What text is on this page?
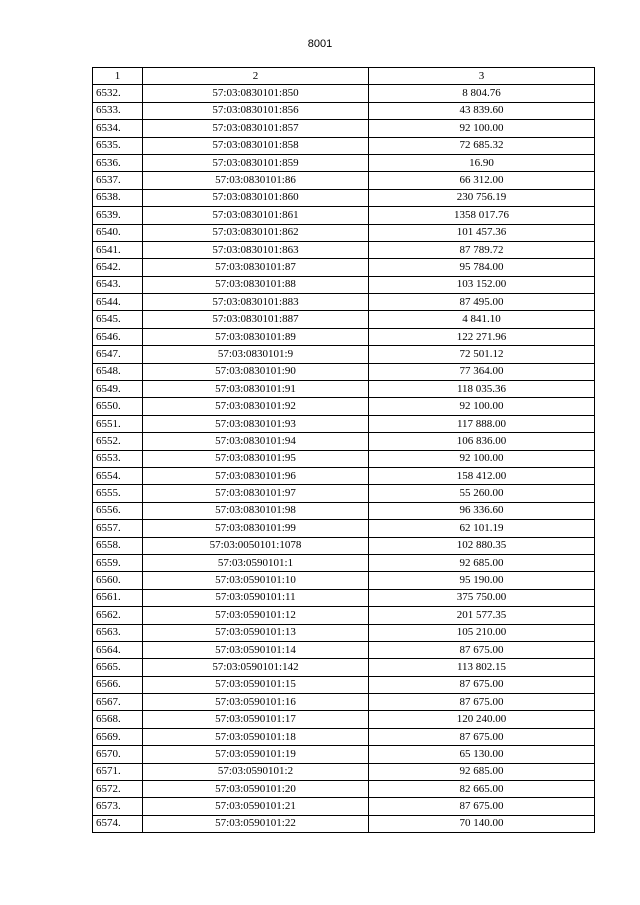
8001
1	2	3
6532.	57:03:0830101:850	8 804.76
6533.	57:03:0830101:856	43 839.60
6534.	57:03:0830101:857	92 100.00
6535.	57:03:0830101:858	72 685.32
6536.	57:03:0830101:859	16.90
6537.	57:03:0830101:86	66 312.00
6538.	57:03:0830101:860	230 756.19
6539.	57:03:0830101:861	1358 017.76
6540.	57:03:0830101:862	101 457.36
6541.	57:03:0830101:863	87 789.72
6542.	57:03:0830101:87	95 784.00
6543.	57:03:0830101:88	103 152.00
6544.	57:03:0830101:883	87 495.00
6545.	57:03:0830101:887	4 841.10
6546.	57:03:0830101:89	122 271.96
6547.	57:03:0830101:9	72 501.12
6548.	57:03:0830101:90	77 364.00
6549.	57:03:0830101:91	118 035.36
6550.	57:03:0830101:92	92 100.00
6551.	57:03:0830101:93	117 888.00
6552.	57:03:0830101:94	106 836.00
6553.	57:03:0830101:95	92 100.00
6554.	57:03:0830101:96	158 412.00
6555.	57:03:0830101:97	55 260.00
6556.	57:03:0830101:98	96 336.60
6557.	57:03:0830101:99	62 101.19
6558.	57:03:0050101:1078	102 880.35
6559.	57:03:0590101:1	92 685.00
6560.	57:03:0590101:10	95 190.00
6561.	57:03:0590101:11	375 750.00
6562.	57:03:0590101:12	201 577.35
6563.	57:03:0590101:13	105 210.00
6564.	57:03:0590101:14	87 675.00
6565.	57:03:0590101:142	113 802.15
6566.	57:03:0590101:15	87 675.00
6567.	57:03:0590101:16	87 675.00
6568.	57:03:0590101:17	120 240.00
6569.	57:03:0590101:18	87 675.00
6570.	57:03:0590101:19	65 130.00
6571.	57:03:0590101:2	92 685.00
6572.	57:03:0590101:20	82 665.00
6573.	57:03:0590101:21	87 675.00
6574.	57:03:0590101:22	70 140.00
